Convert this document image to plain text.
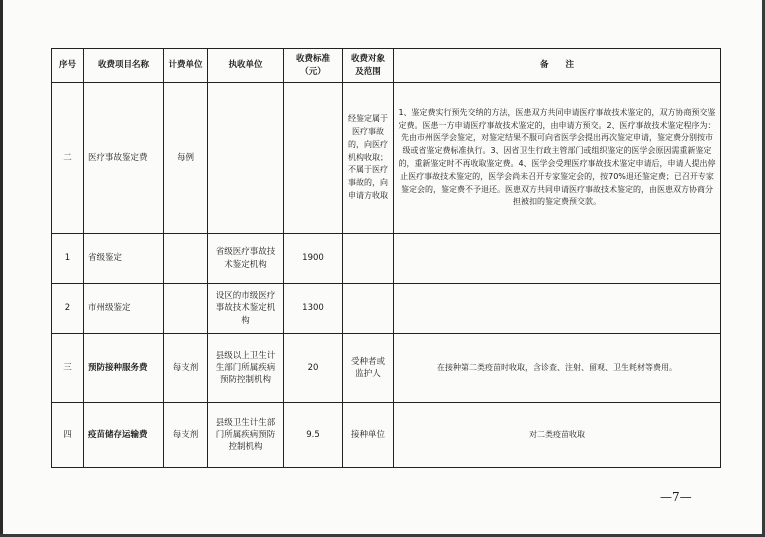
序号	收费项目名称	计费单位	执收单位	收费标准（元）	收费对象及范围	备　　注
二	医疗事故鉴定费	每例			经鉴定属于医疗事故的，向医疗机构收取；不属于医疗事故的，向申请方收取	1、鉴定费实行预先交纳的方法，医患双方共同申请医疗事故技术鉴定的，双方协商预交鉴定费。医患一方申请医疗事故技术鉴定的，由申请方预交。2、医疗事故技术鉴定程序为：先由市州医学会鉴定，对鉴定结果不服可向省医学会提出再次鉴定申请，鉴定费分别按市级或省鉴定费标准执行。3、因省卫生行政主管部门或组织鉴定的医学会原因需重新鉴定的，重新鉴定时不再收取鉴定费。4、医学会受理医疗事故技术鉴定申请后，申请人提出停止医疗事故技术鉴定的，医学会尚未召开专家鉴定会的，按70%退还鉴定费；已召开专家鉴定会的，鉴定费不予退还。医患双方共同申请医疗事故技术鉴定的，由医患双方协商分担被扣的鉴定费预交款。
1	省级鉴定		省级医疗事故技术鉴定机构	1900		
2	市州级鉴定		设区的市级医疗事故技术鉴定机构	1300		
三	预防接种服务费	每支剂	县级以上卫生计生部门所属疾病预防控制机构	20	受种者或监护人	在接种第二类疫苗时收取，含诊查、注射、留观、卫生耗材等费用。
四	疫苗储存运输费	每支剂	县级卫生计生部门所属疾病预防控制机构	9.5	接种单位	对二类疫苗收取
—7—
